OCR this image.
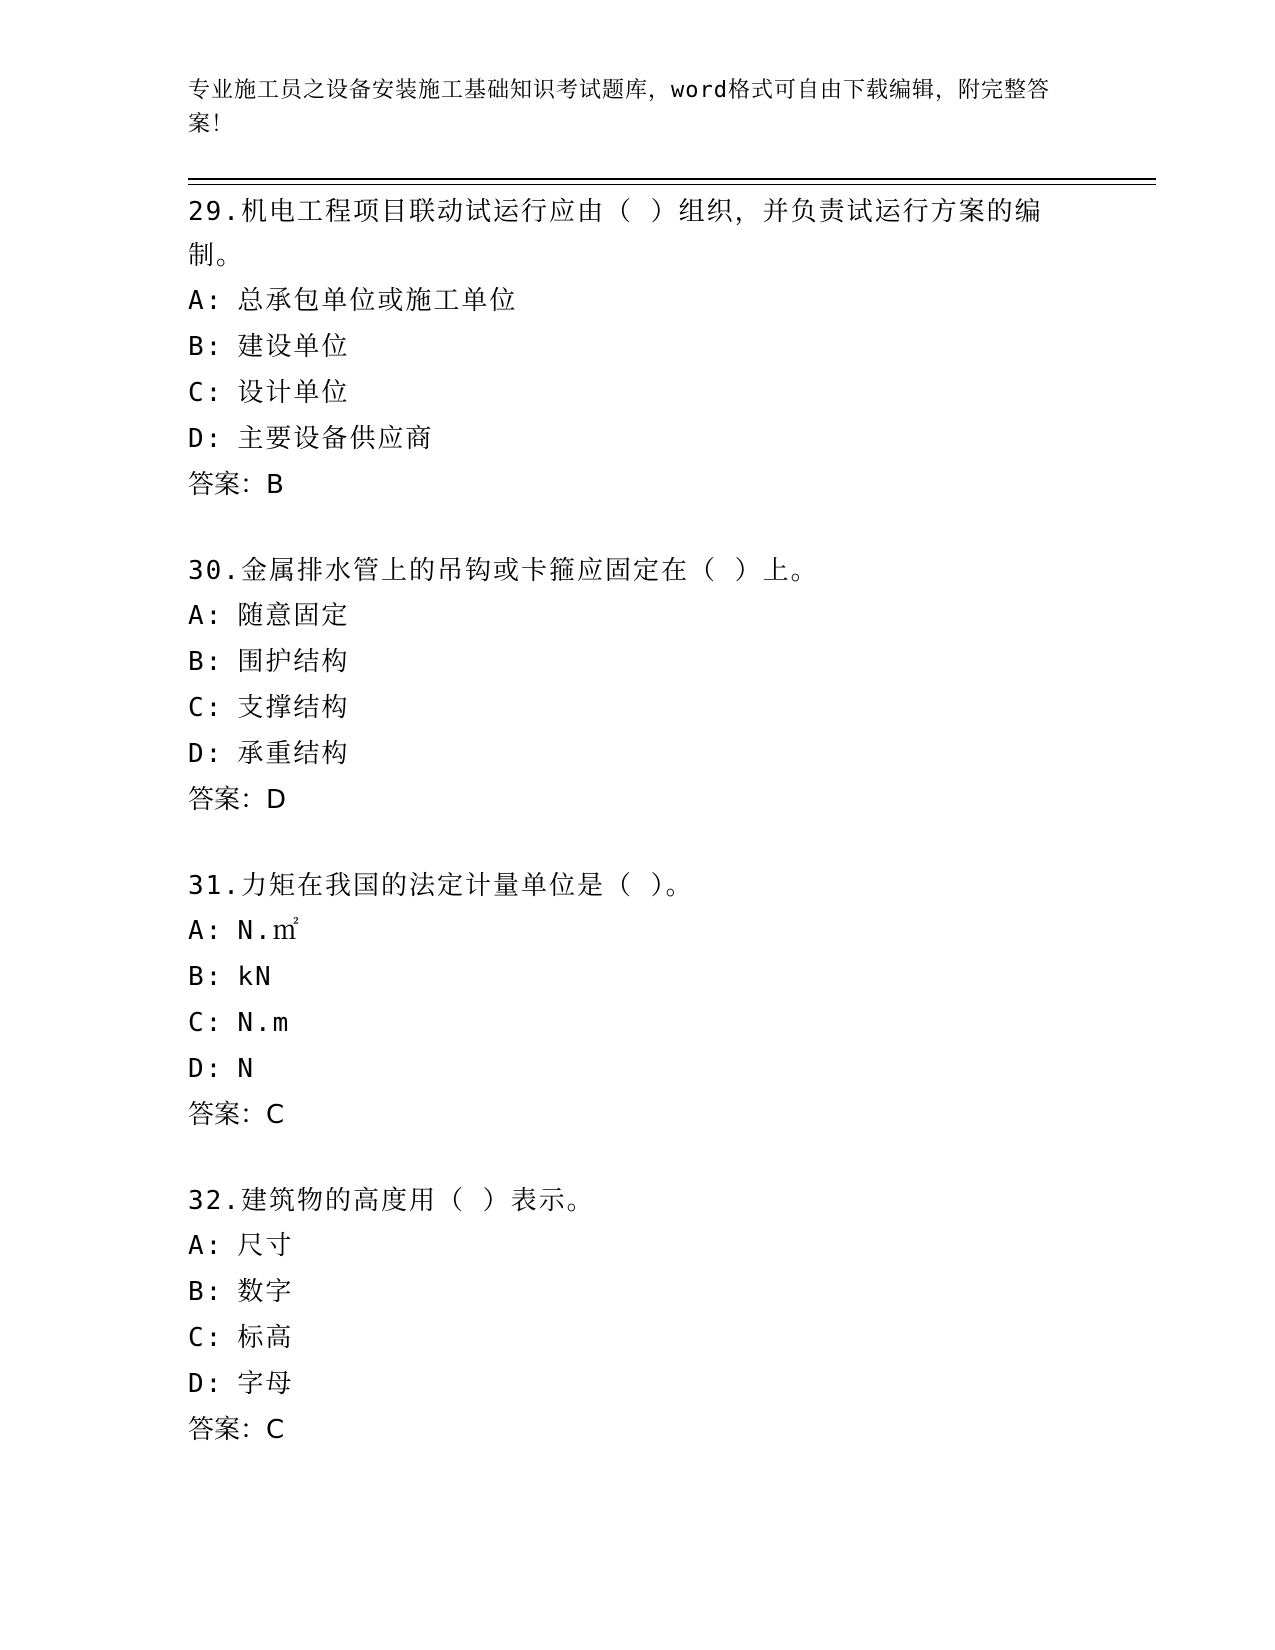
专业施工员之设备安装施工基础知识考试题库，word格式可自由下载编辑，附完整答案！

29.机电工程项目联动试运行应由（ ）组织，并负责试运行方案的编制。

A: 总承包单位或施工单位

B: 建设单位

C: 设计单位

D: 主要设备供应商

答案：B

30.金属排水管上的吊钩或卡箍应固定在（ ）上。

A: 随意固定

B: 围护结构

C: 支撑结构

D: 承重结构

答案：D

31.力矩在我国的法定计量单位是（ ）。

A: N.㎡

B: kN

C: N.m

D: N

答案：C

32.建筑物的高度用（ ）表示。

A: 尺寸

B: 数字

C: 标高

D: 字母

答案：C
